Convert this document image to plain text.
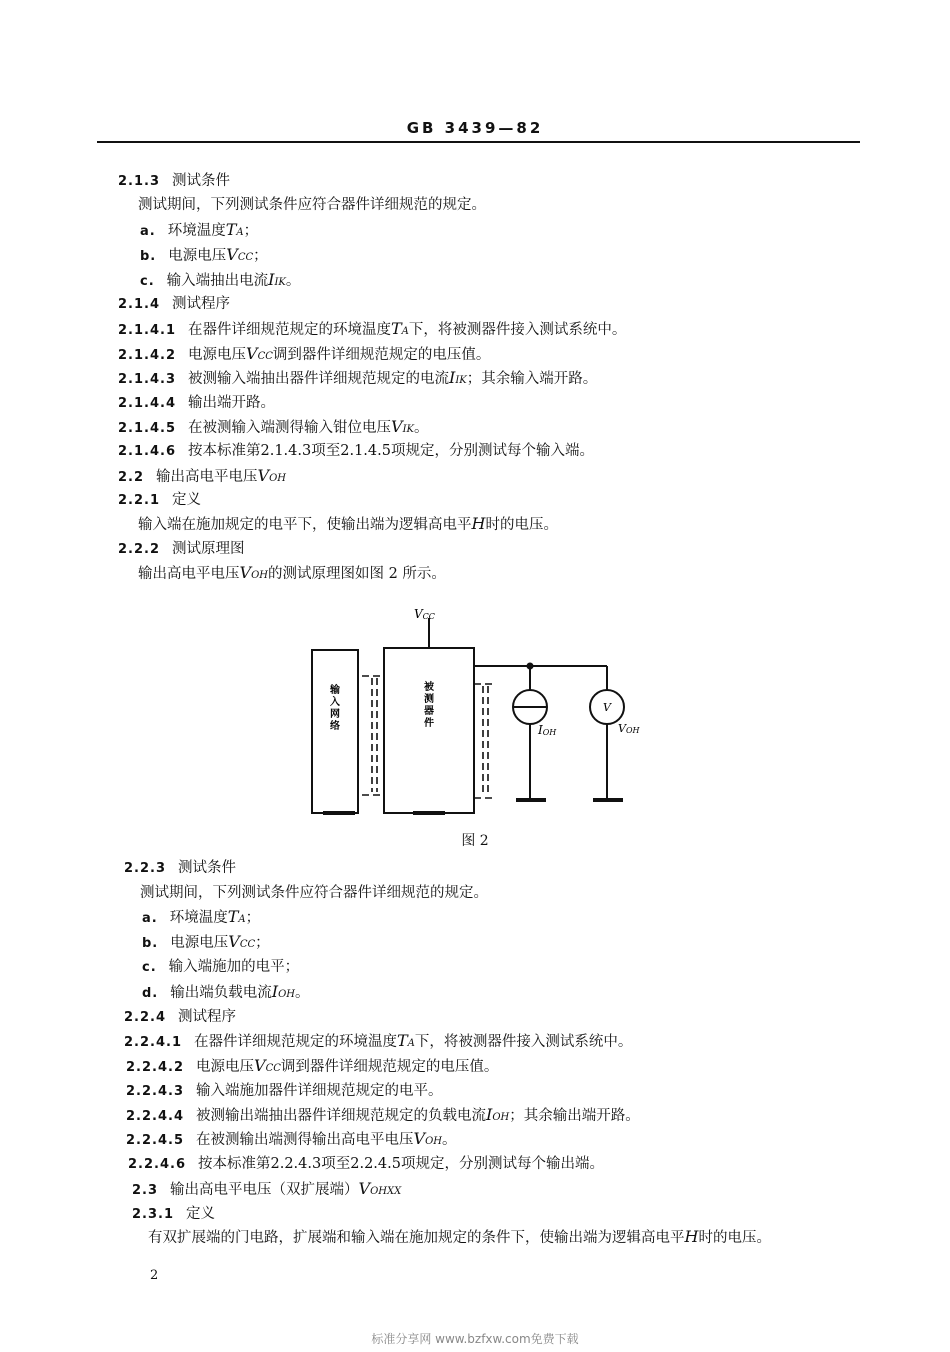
GB 3439—82
2.1.3 测试条件
测试期间，下列测试条件应符合器件详细规范的规定。
a. 环境温度TA；
b. 电源电压VCC；
c. 输入端抽出电流IIK。
2.1.4 测试程序
2.1.4.1 在器件详细规范规定的环境温度TA下，将被测器件接入测试系统中。
2.1.4.2 电源电压VCC调到器件详细规范规定的电压值。
2.1.4.3 被测输入端抽出器件详细规范规定的电流IIK；其余输入端开路。
2.1.4.4 输出端开路。
2.1.4.5 在被测输入端测得输入钳位电压VIK。
2.1.4.6 按本标准第2.1.4.3项至2.1.4.5项规定，分别测试每个输入端。
2.2 输出高电平电压VOH
2.2.1 定义
输入端在施加规定的电平下，使输出端为逻辑高电平H时的电压。
2.2.2 测试原理图
输出高电平电压VOH的测试原理图如图 2 所示。
VCC
输
入
网
络
被
测
器
件
V
IOH	VOH
图 2
2.2.3 测试条件
测试期间，下列测试条件应符合器件详细规范的规定。
a. 环境温度TA；
b. 电源电压VCC；
c. 输入端施加的电平；
d. 输出端负载电流IOH。
2.2.4 测试程序
2.2.4.1 在器件详细规范规定的环境温度TA下，将被测器件接入测试系统中。
2.2.4.2 电源电压VCC调到器件详细规范规定的电压值。
2.2.4.3 输入端施加器件详细规范规定的电平。
2.2.4.4 被测输出端抽出器件详细规范规定的负载电流IOH；其余输出端开路。
2.2.4.5 在被测输出端测得输出高电平电压VOH。
2.2.4.6 按本标准第2.2.4.3项至2.2.4.5项规定，分别测试每个输出端。
2.3 输出高电平电压（双扩展端）VOHXX
2.3.1 定义
有双扩展端的门电路，扩展端和输入端在施加规定的条件下，使输出端为逻辑高电平H时的电压。
2
标准分享网 www.bzfxw.com免费下载
